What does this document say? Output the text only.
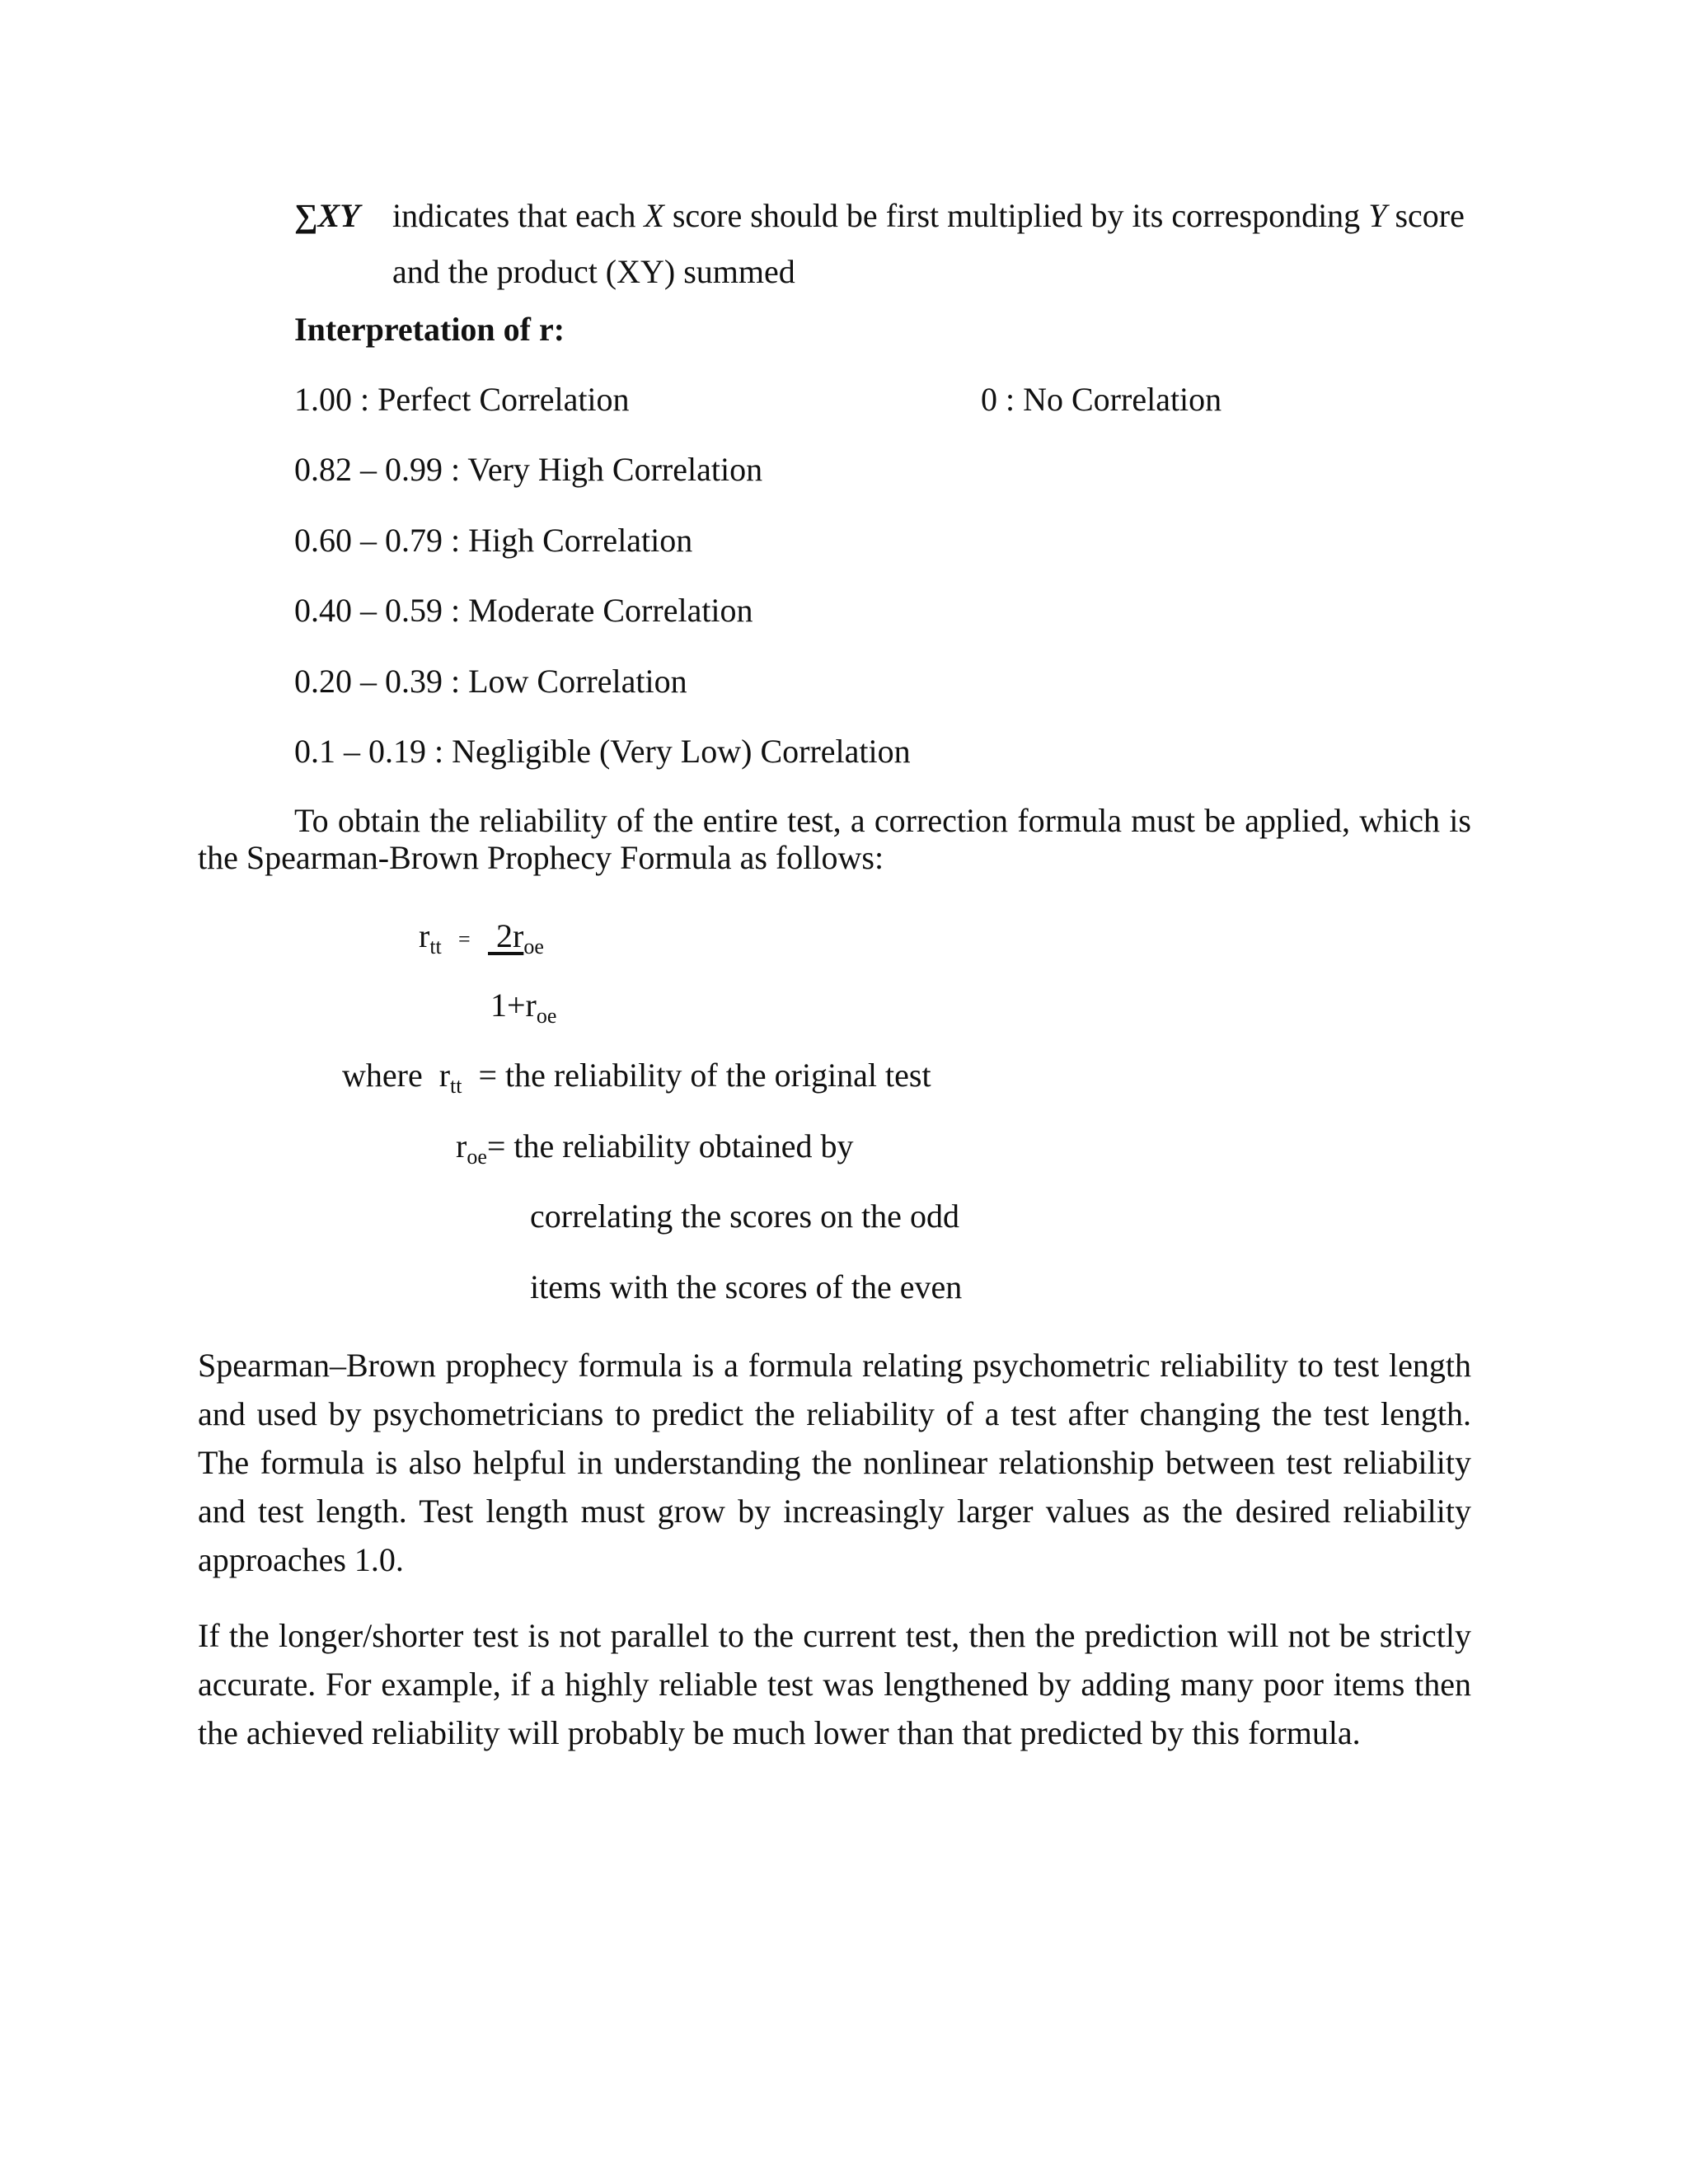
∑XY indicates that each X score should be first multiplied by its corresponding Y score
and the product (XY) summed
Interpretation of r:
1.00 : Perfect Correlation	0 : No Correlation
0.82 – 0.99 : Very High Correlation
0.60 – 0.79 : High Correlation
0.40 – 0.59 : Moderate Correlation
0.20 – 0.39 : Low Correlation
0.1 – 0.19 : Negligible (Very Low) Correlation
To obtain the reliability of the entire test, a correction formula must be applied, which is the Spearman-Brown Prophecy Formula as follows:
$r_{tt} = 2r_{oe}$
$1+r_{oe}$
where $r_{tt}$ = the reliability of the original test
$r_{oe}=$ the reliability obtained by
correlating the scores on the odd
items with the scores of the even
Spearman–Brown prophecy formula is a formula relating psychometric reliability to test length and used by psychometricians to predict the reliability of a test after changing the test length. The formula is also helpful in understanding the nonlinear relationship between test reliability and test length. Test length must grow by increasingly larger values as the desired reliability approaches 1.0.
If the longer/shorter test is not parallel to the current test, then the prediction will not be strictly accurate. For example, if a highly reliable test was lengthened by adding many poor items then the achieved reliability will probably be much lower than that predicted by this formula.
